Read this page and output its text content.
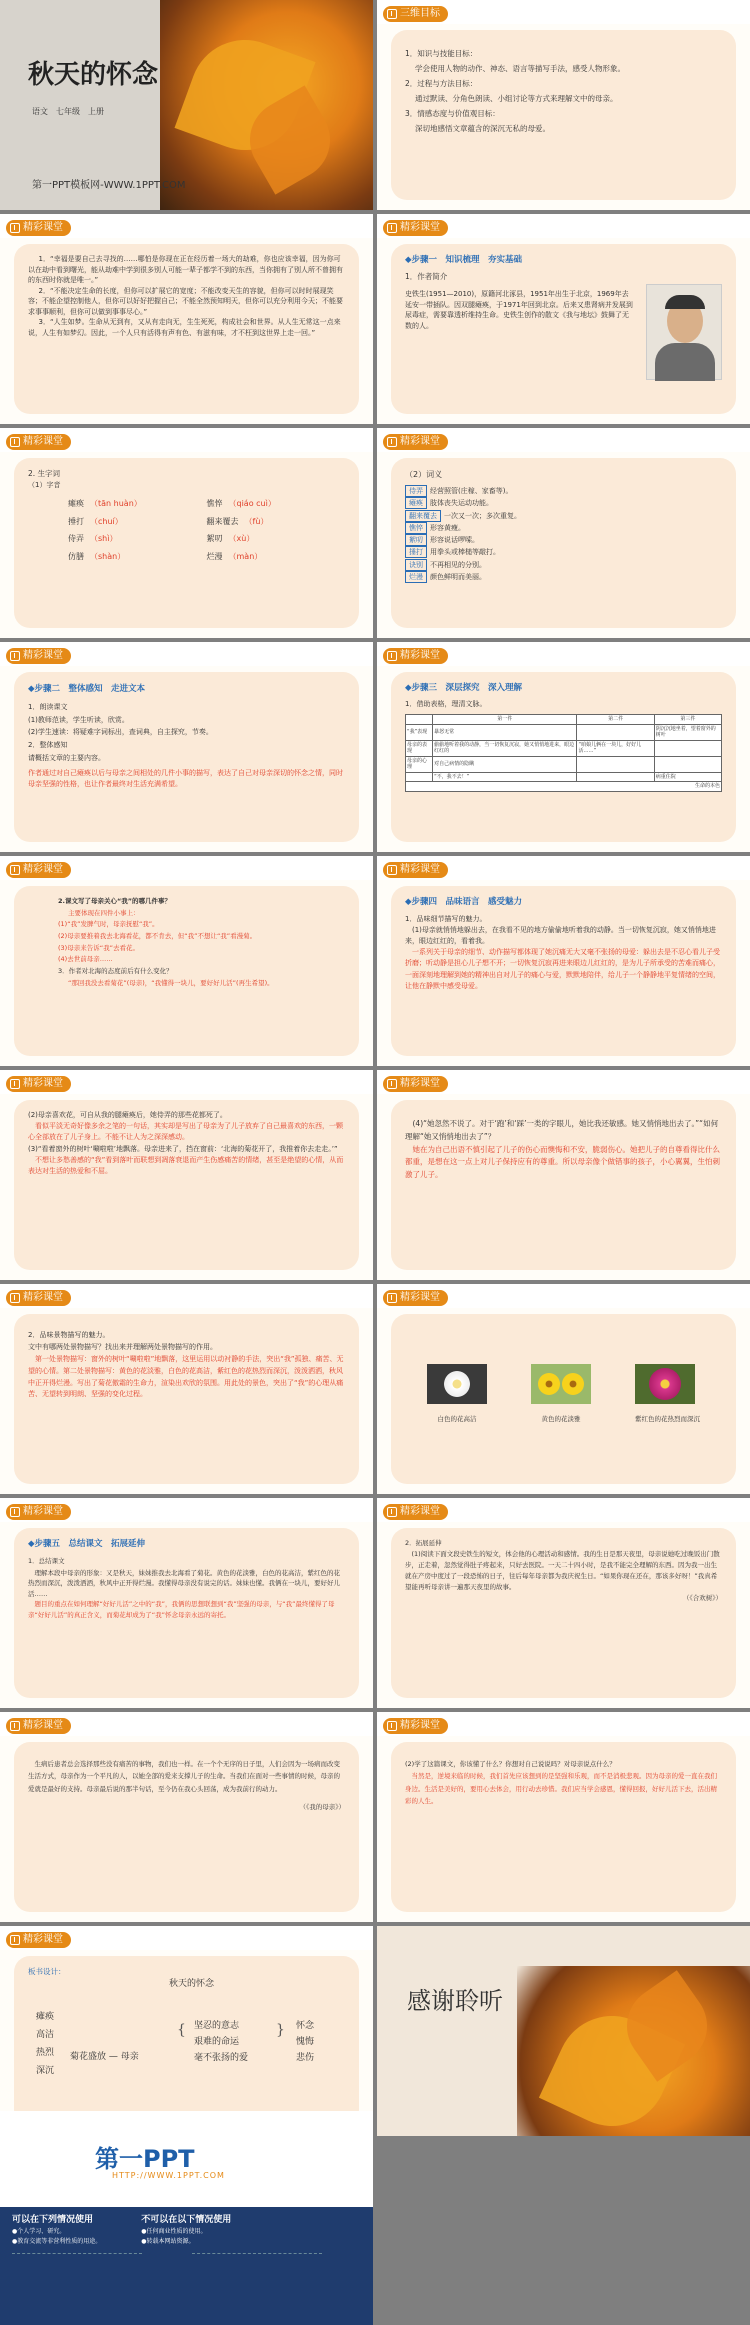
秋天的怀念
语文　七年级　上册
第一PPT模板网-WWW.1PPT.COM
三维目标
1．知识与技能目标：
学会使用人物的动作、神态、语言等描写手法，感受人物形象。
2．过程与方法目标：
通过默读、分角色朗读、小组讨论等方式来理解文中的母亲。
3．情感态度与价值观目标：
深切地感悟文章蕴含的深沉无私的母爱。
精彩课堂

1．“幸福是要自己去寻找的……哪怕是你现在正在经历着一场大的劫难，你也应该幸福，因为你可以在劫中看到曙光，能从劫难中学到很多别人可能一辈子都学不到的东西，当你拥有了别人所不曾拥有的东西时你就是唯一。”

2．“不能决定生命的长度，但你可以扩展它的宽度；不能改变天生的容貌，但你可以时时展现笑容；不能企望控制他人，但你可以好好把握自己；不能全然预知明天，但你可以充分利用今天；不能要求事事顺利，但你可以做到事事尽心。”

3．“人生如梦。生命从无到有，又从有走向无，生生死死，构成社会和世界。从人生无常这一点来说，人生有如梦幻。因此，一个人只有活得有声有色、有滋有味，才不枉到这世界上走一回。”

精彩课堂
◆步骤一　知识梳理　夯实基础
1．作者简介
史铁生(1951—2010)，原籍河北涿县，1951年出生于北京，1969年去延安一带插队。因双腿瘫痪，于1971年回到北京。后来又患肾病并发展到尿毒症，需要靠透析维持生命。史铁生创作的散文《我与地坛》鼓舞了无数的人。
精彩课堂
2. 生字词
（1）字音
瘫痪 （tān huàn）	憔悴 （qiáo cuì）
捶打 （chuí）	翻来覆去 （fù）
侍弄 （shì）	絮叨 （xù）
仿膳 （shàn）	烂漫 （màn）
精彩课堂
（2）词义
侍弄 经营照管(庄稼、家畜等)。
瘫痪 肢体丧失运动功能。
翻来覆去 一次又一次；多次重复。
憔悴 形容黄瘦。
絮叨 形容说话啰嗦。
捶打 用拳头或棒槌等敲打。
诀别 不再相见的分别。
烂漫 颜色鲜明而美丽。
精彩课堂
◆步骤二　整体感知　走进文本
1．朗读课文
(1)教师范读，学生听读，欣赏。
(2)学生速读：将疑难字词标出，查词典，自主探究，节奏。
2．整体感知
请概括文章的主要内容。
作者通过对自己瘫痪以后与母亲之间相处的几件小事的描写，表达了自己对母亲深切的怀念之情，同时母亲坚强的性格，也让作者最终对生活充满希望。
精彩课堂
◆步骤三　深层探究　深入理解
1．借助表格，理清文脉。
	第一件	第二件	第三件
“我”表现	暴怒无常		阴沉沉地坐着，望着窗外的树叶
母亲的表现	偷偷地听着我的动静，当一切恢复沉寂，她又悄悄地进来，眼边红红的	“咱娘儿俩在一块儿，好好儿活……”	
母亲的心理	对自己病情的隐瞒		
	“不，我不去！”		病重住院
生命的本色			
精彩课堂
2.课文写了母亲关心“我”的哪几件事？
主要体现在四件小事上：
(1)“我”发脾气时，母亲抚慰“我”。
(2)母亲要推着我去北海看花，都不肯去，但“我”不想让“我”看漫菊。
(3)母亲来告诉“我”去看花。
(4)去世前母亲……
3．作者对北海的态度前后有什么变化？
“那回我没去看菊花”(母亲)，“我懂得一块儿，要好好儿活”(再生希望)。
精彩课堂
◆步骤四　品味语言　感受魅力
1．品味细节描写的魅力。
(1)母亲就悄悄地躲出去，在我看不见的地方偷偷地听着我的动静。当一切恢复沉寂，她又悄悄地进来，眼边红红的，看着我。
一系列关于母亲的细节、动作描写都体现了她沉痛无大又毫不张扬的母爱：躲出去是不忍心看儿子受折磨；听动静是担心儿子想不开；一切恢复沉寂再进来眼边儿红红的，是为儿子所承受的苦难而痛心，一面深刻地理解到她的精神出自对儿子的痛心与爱，默默地陪伴，给儿子一个静静地平复情绪的空间，让他在静默中感受母爱。
精彩课堂
(2)母亲喜欢花，可自从我的腿瘫痪后，她侍弄的那些花都死了。
看似平淡无奇好像多余之笔的一句话，其实却是写出了母亲为了儿子放弃了自己最喜欢的东西，一颗心全部放在了儿子身上。不能不让人为之深深感动。
(3)“看着窗外的树叶‘唰啦啦’地飘落。母亲进来了，挡在窗前：‘北海的菊花开了，我推着你去走走。’”
不想让多愁善感的“我”看到落叶而联想到凋落衰退而产生伤感痛苦的情绪，甚至是绝望的心情，从而表达对生活的热爱和不屈。
精彩课堂
(4)“她忽然不说了。对于‘跑’和‘踩’一类的字眼儿，她比我还敏感。她又悄悄地出去了。”“如何理解“她又悄悄地出去了”？
她在为自己出语不慎引起了儿子的伤心而懊悔和不安，脆弱伤心。她把儿子的自尊看得比什么都重，是想在这一点上对儿子保持应有的尊重。所以母亲像个做错事的孩子，小心翼翼，生怕刺激了儿子。
精彩课堂
2．品味景物描写的魅力。
文中有哪两处景物描写？找出来并理解两处景物描写的作用。
第一处景物描写：窗外的树叶“唰啦啦”地飘落，这里运用以动衬静的手法，突出“我”孤独、痛苦、无望的心情。第二处景物描写：黄色的花淡雅，白色的花高洁，紫红色的花热烈而深沉，泼泼洒洒，秋风中正开得烂漫。写出了菊花傲霜的生命力，渲染出欢欣的氛围。用此处的景色，突出了“我”的心理从痛苦、无望转到明朗、坚强的变化过程。
精彩课堂
白色的花高洁	黄色的花淡雅	紫红色的花热烈而深沉
精彩课堂
◆步骤五　总结课文　拓展延伸
1．总结课文
理解本段中母亲的形象：又是秋天，妹妹推我去北海看了菊花。黄色的花淡雅，白色的花高洁，紫红色的花热烈而深沉，泼泼洒洒，秋风中正开得烂漫。我懂得母亲没有说完的话。妹妹也懂。我俩在一块儿，要好好儿活……
题目的重点在如何理解“好好儿活”之中的“我”，我俩的思想联想到“我”坚强的母亲，与“我”最终懂得了母亲“好好儿活”的真正含义，而菊花却成为了“我”怀念母亲永远的寄托。
精彩课堂
2．拓展延伸
(1)阅读下面文段史铁生的短文，体会他的心理活动和感情。我的生日是那天夜里，母亲说她吃过晚饭出门散步，正走着，忽然觉得肚子疼起来，只好去医院。一天二十四小时，是我不能完全理解的东西。因为我一出生就在产房中度过了一段恐怖的日子，往后每年母亲都为我庆祝生日。“如果你现在还在，那该多好呀！”我真希望能再听母亲讲一遍那天夜里的故事。
（《合欢树》）
精彩课堂
生病后患者总会选择那些没有痛苦的事物，我们也一样。在一个个无序的日子里，人们会因为一场病而改变生活方式，母亲作为一个平凡的人，以她全部的爱来支撑儿子的生命。当我们在面对一些事情的时候，母亲的爱就是最好的支持。母亲最后说的那半句话，至今仍在我心头回荡，成为我前行的动力。
（《我的母亲》）
精彩课堂
(2)学了这篇课文，你该懂了什么？你想对自己说说吗？对母亲说点什么？
当然是，逆境来临的时候，我们首先应该想到的是坚强和乐观，而不是消极悲观。因为母亲的爱一直在我们身边。生活是美好的，要用心去体会，用行动去珍惜。我们应当学会感恩，懂得回报，好好儿活下去，活出精彩的人生。
精彩课堂
板书设计：
秋天的怀念
瘫痪
高洁
热烈
深沉
菊花盛放 — 母亲
{ 坚忍的意志
艰难的命运
毫不张扬的爱
} 怀念
愧悔
悲伤
感谢聆听
第一PPT
HTTP://WWW.1PPT.COM
可以在下列情况使用
●个人学习、研究。
●教育交流等非营利性质的用途。
不可以在以下情况使用
●任何商业性质的使用。
●转载本网站资源。
